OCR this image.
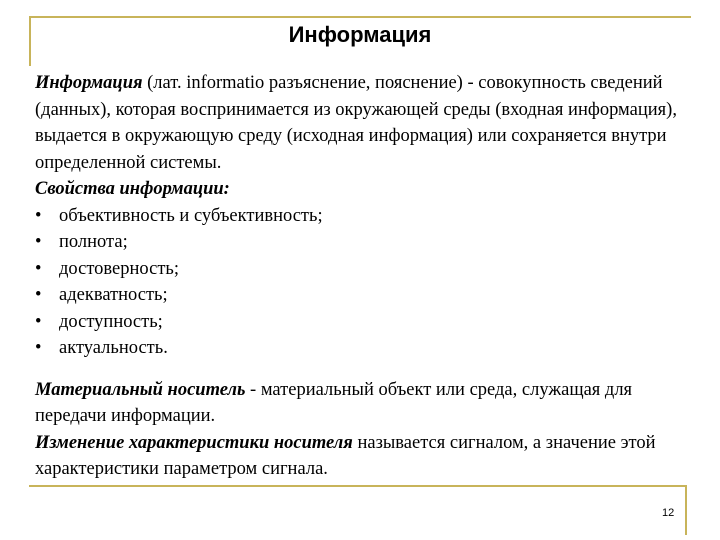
Информация

Информация (лат. informatio разъяснение, пояснение) - совокупность сведений (данных), которая воспринимается из окружающей среды (входная информация), выдается в окружающую среду (исходная информация) или сохраняется внутри определенной системы.

Свойства информации:

• объективность и субъективность;
• полнота;
• достоверность;
• адекватность;
• доступность;
• актуальность.

Материальный носитель - материальный объект или среда, служащая для передачи информации.

Изменение характеристики носителя называется сигналом, а значение этой характеристики параметром сигнала.

12
